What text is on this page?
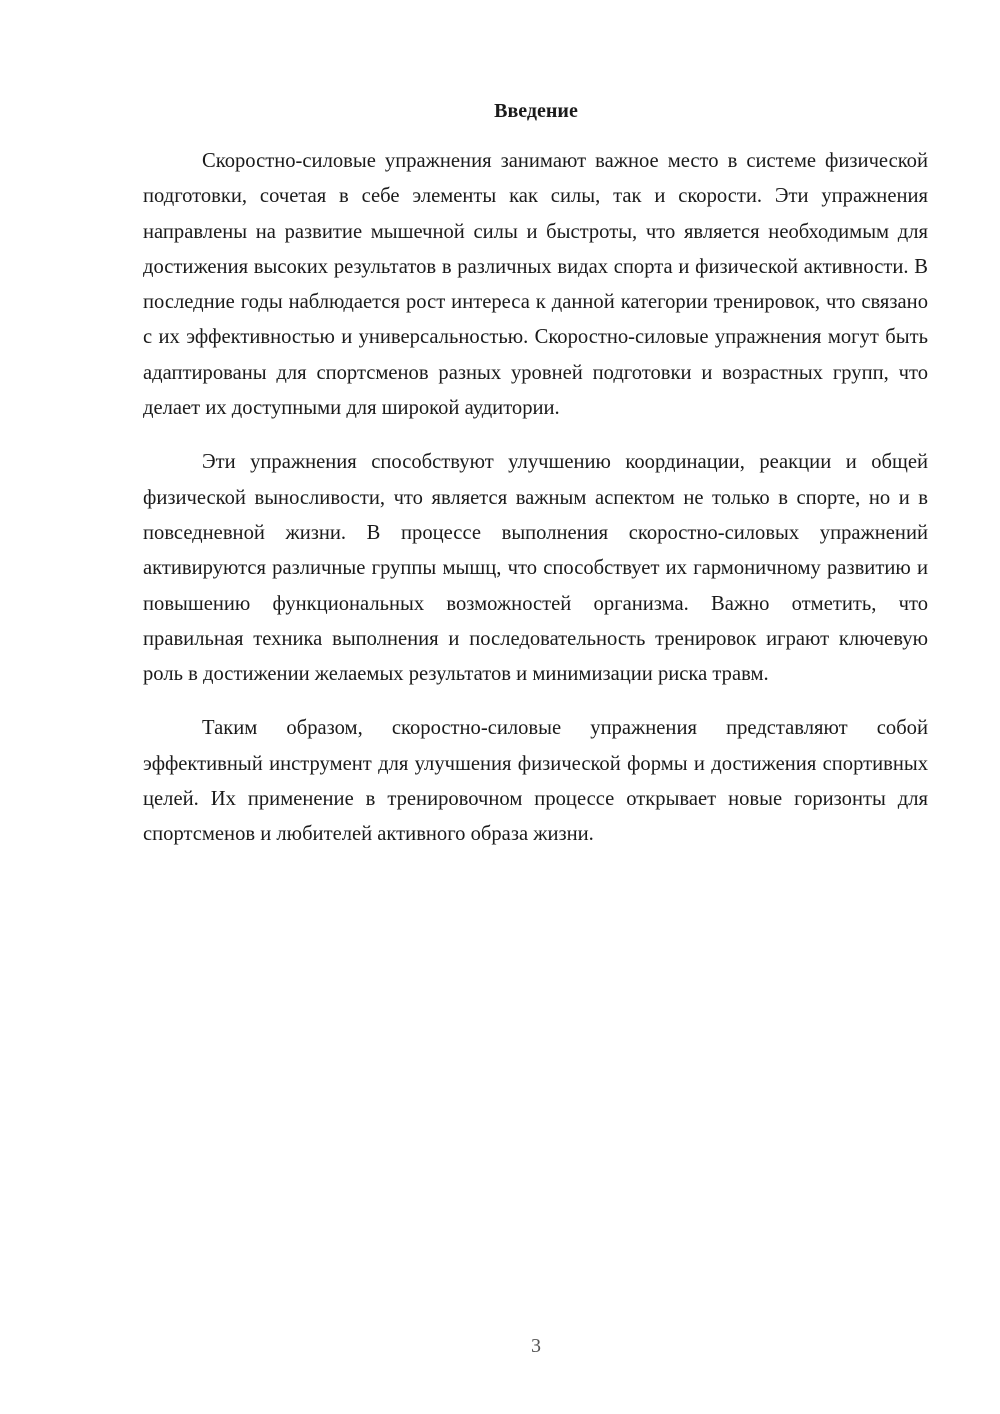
Введение

Скоростно-силовые упражнения занимают важное место в системе физической подготовки, сочетая в себе элементы как силы, так и скорости. Эти упражнения направлены на развитие мышечной силы и быстроты, что является необходимым для достижения высоких результатов в различных видах спорта и физической активности. В последние годы наблюдается рост интереса к данной категории тренировок, что связано с их эффективностью и универсальностью. Скоростно-силовые упражнения могут быть адаптированы для спортсменов разных уровней подготовки и возрастных групп, что делает их доступными для широкой аудитории.

Эти упражнения способствуют улучшению координации, реакции и общей физической выносливости, что является важным аспектом не только в спорте, но и в повседневной жизни. В процессе выполнения скоростно-силовых упражнений активируются различные группы мышц, что способствует их гармоничному развитию и повышению функциональных возможностей организма. Важно отметить, что правильная техника выполнения и последовательность тренировок играют ключевую роль в достижении желаемых результатов и минимизации риска травм.

Таким образом, скоростно-силовые упражнения представляют собой эффективный инструмент для улучшения физической формы и достижения спортивных целей. Их применение в тренировочном процессе открывает новые горизонты для спортсменов и любителей активного образа жизни.

3
